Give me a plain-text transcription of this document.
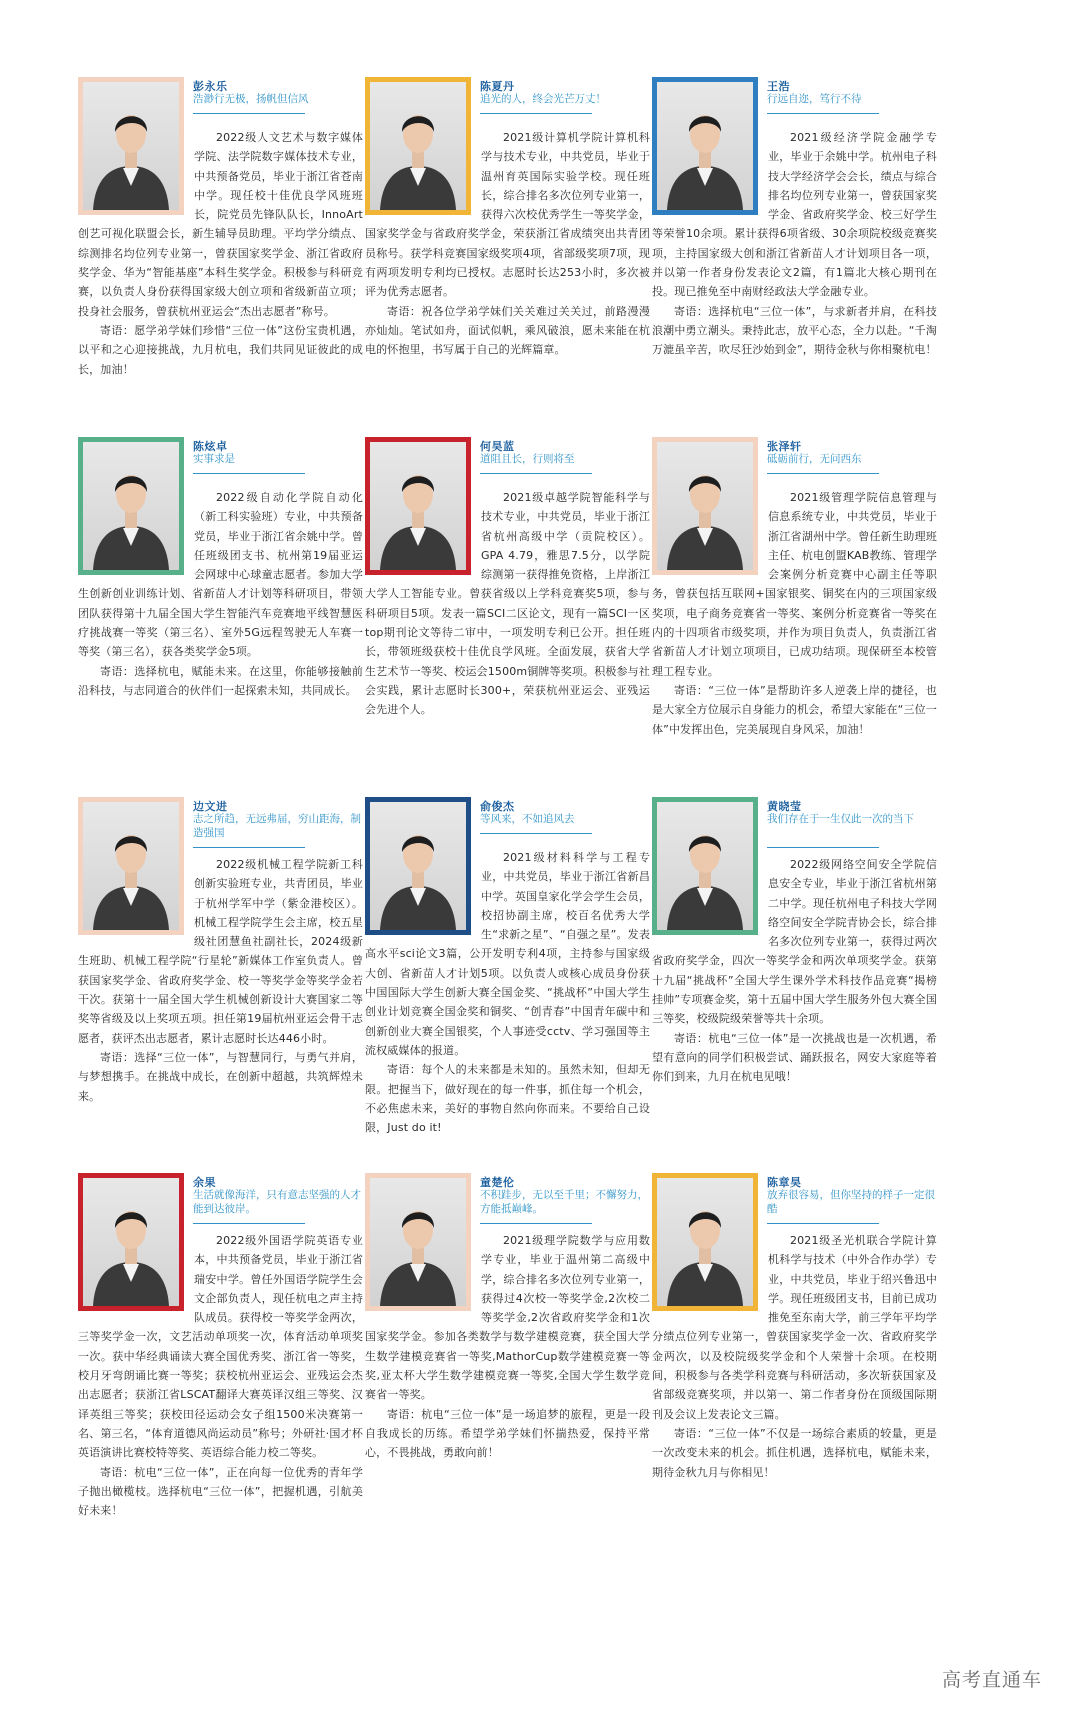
彭永乐
浩渺行无极，扬帆但信风

2022级人文艺术与数字媒体学院、法学院数字媒体技术专业，中共预备党员，毕业于浙江省苍南中学。现任校十佳优良学风班班长，院党员先锋队队长，InnoArt创艺可视化联盟会长，新生辅导员助理。平均学分绩点、综测排名均位列专业第一，曾获国家奖学金、浙江省政府奖学金、华为“智能基座”本科生奖学金。积极参与科研竞赛，以负责人身份获得国家级大创立项和省级新苗立项；投身社会服务，曾获杭州亚运会“杰出志愿者”称号。

寄语：愿学弟学妹们珍惜“三位一体”这份宝贵机遇，以平和之心迎接挑战，九月杭电，我们共同见证彼此的成长，加油！

陈夏丹
追光的人，终会光芒万丈！

2021级计算机学院计算机科学与技术专业，中共党员，毕业于温州育英国际实验学校。现任班长，综合排名多次位列专业第一，获得六次校优秀学生一等奖学金，国家奖学金与省政府奖学金，荣获浙江省成绩突出共青团员称号。获学科竞赛国家级奖项4项，省部级奖项7项，现有两项发明专利均已授权。志愿时长达253小时，多次被评为优秀志愿者。

寄语：祝各位学弟学妹们关关难过关关过，前路漫漫亦灿灿。笔试如舟，面试似帆，乘风破浪，愿未来能在杭电的怀抱里，书写属于自己的光辉篇章。

王浩
行远自迩，笃行不待

2021级经济学院金融学专业，毕业于余姚中学。杭州电子科技大学经济学会会长，绩点与综合排名均位列专业第一，曾获国家奖学金、省政府奖学金、校三好学生等荣誉10余项。累计获得6项省级、30余项院校级竞赛奖项，主持国家级大创和浙江省新苗人才计划项目各一项，并以第一作者身份发表论文2篇，有1篇北大核心期刊在投。现已推免至中南财经政法大学金融专业。

寄语：选择杭电“三位一体”，与求新者并肩，在科技浪潮中勇立潮头。秉持此志，放平心态，全力以赴。“千淘万漉虽辛苦，吹尽狂沙始到金”，期待金秋与你相聚杭电！

陈炫卓
实事求是

2022级自动化学院自动化（新工科实验班）专业，中共预备党员，毕业于浙江省余姚中学。曾任班级团支书、杭州第19届亚运会网球中心球童志愿者。参加大学生创新创业训练计划、省新苗人才计划等科研项目，带领团队获得第十九届全国大学生智能汽车竞赛地平线智慧医疗挑战赛一等奖（第三名）、室外5G远程驾驶无人车赛一等奖（第三名），获各类奖学金5项。

寄语：选择杭电，赋能未来。在这里，你能够接触前沿科技，与志同道合的伙伴们一起探索未知，共同成长。

何昊蓝
道阻且长，行则将至

2021级卓越学院智能科学与技术专业，中共党员，毕业于浙江省杭州高级中学（贡院校区）。GPA 4.79，雅思7.5分，以学院综测第一获得推免资格，上岸浙江大学人工智能专业。曾获省级以上学科竞赛奖5项，参与科研项目5项。发表一篇SCI二区论文，现有一篇SCI一区top期刊论文等待二审中，一项发明专利已公开。担任班长，带领班级获校十佳优良学风班。全面发展，获省大学生艺术节一等奖、校运会1500m铜牌等奖项。积极参与社会实践，累计志愿时长300+，荣获杭州亚运会、亚残运会先进个人。

张泽轩
砥砺前行，无问西东

2021级管理学院信息管理与信息系统专业，中共党员，毕业于浙江省湖州中学。曾任新生助理班主任、杭电创盟KAB教练、管理学会案例分析竞赛中心副主任等职务，曾获包括互联网+国家银奖、铜奖在内的三项国家级奖项，电子商务竞赛省一等奖、案例分析竞赛省一等奖在内的十四项省市级奖项，并作为项目负责人，负责浙江省省新苗人才计划立项项目，已成功结项。现保研至本校管理工程专业。

寄语：“三位一体”是帮助许多人逆袭上岸的捷径，也是大家全方位展示自身能力的机会，希望大家能在“三位一体”中发挥出色，完美展现自身风采，加油！

边文进
志之所趋，无远弗届，穷山距海，制造强国

2022级机械工程学院新工科创新实验班专业，共青团员，毕业于杭州学军中学（紫金港校区）。机械工程学院学生会主席，校五星级社团慧鱼社副社长，2024级新生班助、机械工程学院“行星轮”新媒体工作室负责人。曾获国家奖学金、省政府奖学金、校一等奖学金等奖学金若干次。获第十一届全国大学生机械创新设计大赛国家二等奖等省级及以上奖项五项。担任第19届杭州亚运会骨干志愿者，获评杰出志愿者，累计志愿时长达446小时。

寄语：选择“三位一体”，与智慧同行，与勇气并肩，与梦想携手。在挑战中成长，在创新中超越，共筑辉煌未来。

俞俊杰
等风来，不如追风去

2021级材料科学与工程专业，中共党员，毕业于浙江省新昌中学。英国皇家化学会学生会员，校招协副主席，校百名优秀大学生“求新之星”、“自强之星”。发表高水平sci论文3篇，公开发明专利4项，主持参与国家级大创、省新苗人才计划5项。以负责人或核心成员身份获中国国际大学生创新大赛全国金奖、“挑战杯”中国大学生创业计划竞赛全国金奖和铜奖、“创青春”中国青年碳中和创新创业大赛全国银奖，个人事迹受cctv、学习强国等主流权威媒体的报道。

寄语：每个人的未来都是未知的。虽然未知，但却无限。把握当下，做好现在的每一件事，抓住每一个机会，不必焦虑未来，美好的事物自然向你而来。不要给自己设限，Just do it!

黄晓莹
我们存在于一生仅此一次的当下

2022级网络空间安全学院信息安全专业，毕业于浙江省杭州第二中学。现任杭州电子科技大学网络空间安全学院青协会长，综合排名多次位列专业第一，获得过两次省政府奖学金，四次一等奖学金和两次单项奖学金。获第十九届“挑战杯”全国大学生课外学术科技作品竞赛“揭榜挂帅”专项赛金奖，第十五届中国大学生服务外包大赛全国三等奖，校级院级荣誉等共十余项。

寄语：杭电“三位一体”是一次挑战也是一次机遇，希望有意向的同学们积极尝试、踊跃报名，网安大家庭等着你们到来，九月在杭电见哦！

余果
生活就像海洋，只有意志坚强的人才能到达彼岸。

2022级外国语学院英语专业本，中共预备党员，毕业于浙江省瑞安中学。曾任外国语学院学生会文企部负责人，现任杭电之声主持队成员。获得校一等奖学金两次，三等奖学金一次，文艺活动单项奖一次，体育活动单项奖一次。获中华经典诵读大赛全国优秀奖、浙江省一等奖，校月牙弯朗诵比赛一等奖；获校杭州亚运会、亚残运会杰出志愿者；获浙江省LSCAT翻译大赛英译汉组三等奖、汉译英组三等奖；获校田径运动会女子组1500米决赛第一名、第三名，“体育道德风尚运动员”称号；外研社·国才杯英语演讲比赛校特等奖、英语综合能力校二等奖。

寄语：杭电“三位一体”，正在向每一位优秀的青年学子抛出橄榄枝。选择杭电“三位一体”，把握机遇，引航美好未来！

童楚伦
不积跬步，无以至千里；不懈努力，方能抵巅峰。

2021级理学院数学与应用数学专业，毕业于温州第二高级中学，综合排名多次位列专业第一，获得过4次校一等奖学金,2次校二等奖学金,2次省政府奖学金和1次国家奖学金。参加各类数学与数学建模竞赛，获全国大学生数学建模竞赛省一等奖,MathorCup数学建模竞赛一等奖,亚太杯大学生数学建模竞赛一等奖,全国大学生数学竞赛省一等奖。

寄语：杭电“三位一体”是一场追梦的旅程，更是一段自我成长的历练。希望学弟学妹们怀揣热爱，保持平常心，不畏挑战，勇敢向前！

陈章昊
放弃很容易，但你坚持的样子一定很酷

2021级圣光机联合学院计算机科学与技术（中外合作办学）专业，中共党员，毕业于绍兴鲁迅中学。现任班级团支书，目前已成功推免至东南大学，前三学年平均学分绩点位列专业第一，曾获国家奖学金一次、省政府奖学金两次，以及校院级奖学金和个人荣誉十余项。在校期间，积极参与各类学科竞赛与科研活动，多次斩获国家及省部级竞赛奖项，并以第一、第二作者身份在顶级国际期刊及会议上发表论文三篇。

寄语：“三位一体”不仅是一场综合素质的较量，更是一次改变未来的机会。抓住机遇，选择杭电，赋能未来，期待金秋九月与你相见！

高考直通车
